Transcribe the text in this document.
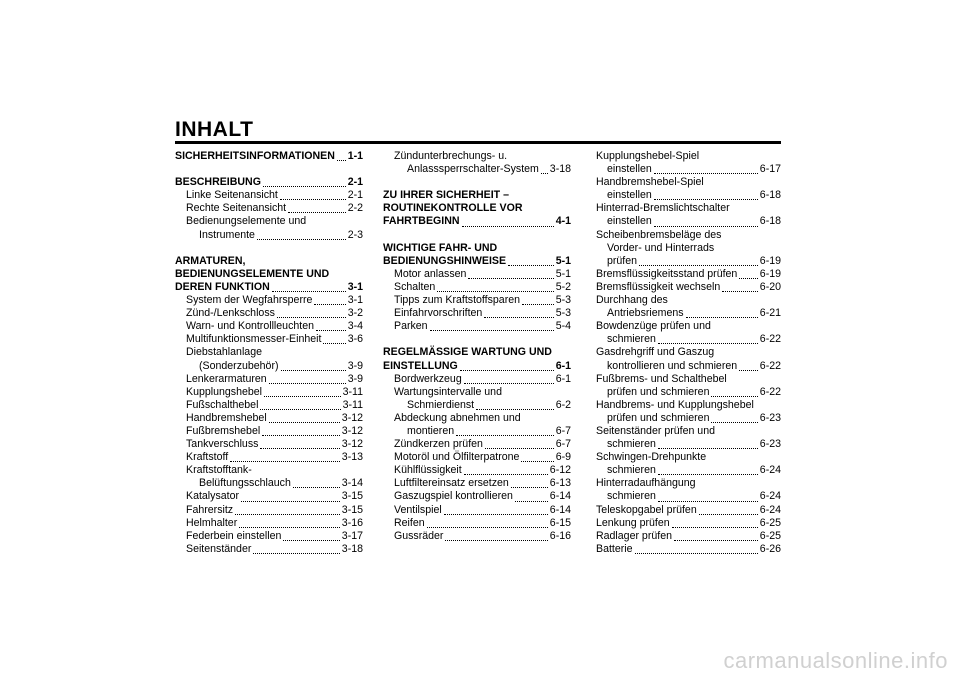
INHALT
SICHERHEITSINFORMATIONEN 1-1
BESCHREIBUNG	2-1
Linke Seitenansicht	2-1
Rechte Seitenansicht	2-2
Bedienungselemente und
Instrumente	2-3
ARMATUREN,
BEDIENUNGSELEMENTE UND
DEREN FUNKTION	3-1
System der Wegfahrsperre	3-1
Zünd-/Lenkschloss	3-2
Warn- und Kontrollleuchten	3-4
Multifunktionsmesser-Einheit 3-6
Diebstahlanlage
(Sonderzubehör)	3-9
Lenkerarmaturen	3-9
Kupplungshebel	3-11
Fußschalthebel	3-11
Handbremshebel	3-12
Fußbremshebel	3-12
Tankverschluss	3-12
Kraftstoff	3-13
Kraftstofftank-
Belüftungsschlauch	3-14
Katalysator	3-15
Fahrersitz	3-15
Helmhalter	3-16
Federbein einstellen	3-17
Seitenständer	3-18
Zündunterbrechungs- u.
Anlasssperrschalter-System 3-18
ZU IHRER SICHERHEIT –
ROUTINEKONTROLLE VOR
FAHRTBEGINN	4-1
WICHTIGE FAHR- UND
BEDIENUNGSHINWEISE	5-1
Motor anlassen	5-1
Schalten	5-2
Tipps zum Kraftstoffsparen	5-3
Einfahrvorschriften	5-3
Parken	5-4
REGELMÄSSIGE WARTUNG UND
EINSTELLUNG	6-1
Bordwerkzeug	6-1
Wartungsintervalle und
Schmierdienst	6-2
Abdeckung abnehmen und
montieren	6-7
Zündkerzen prüfen	6-7
Motoröl und Ölfilterpatrone	6-9
Kühlflüssigkeit	6-12
Luftfiltereinsatz ersetzen	6-13
Gaszugspiel kontrollieren	6-14
Ventilspiel	6-14
Reifen	6-15
Gussräder	6-16
Kupplungshebel-Spiel
einstellen	6-17
Handbremshebel-Spiel
einstellen	6-18
Hinterrad-Bremslichtschalter
einstellen	6-18
Scheibenbremsbeläge des
Vorder- und Hinterrads
prüfen	6-19
Bremsflüssigkeitsstand prüfen 6-19
Bremsflüssigkeit wechseln	6-20
Durchhang des
Antriebsriemens	6-21
Bowdenzüge prüfen und
schmieren	6-22
Gasdrehgriff und Gaszug
kontrollieren und schmieren 6-22
Fußbrems- und Schalthebel
prüfen und schmieren	6-22
Handbrems- und Kupplungshebel
prüfen und schmieren	6-23
Seitenständer prüfen und
schmieren	6-23
Schwingen-Drehpunkte
schmieren	6-24
Hinterradaufhängung
schmieren	6-24
Teleskopgabel prüfen	6-24
Lenkung prüfen	6-25
Radlager prüfen	6-25
Batterie	6-26
carmanualsonline.info
